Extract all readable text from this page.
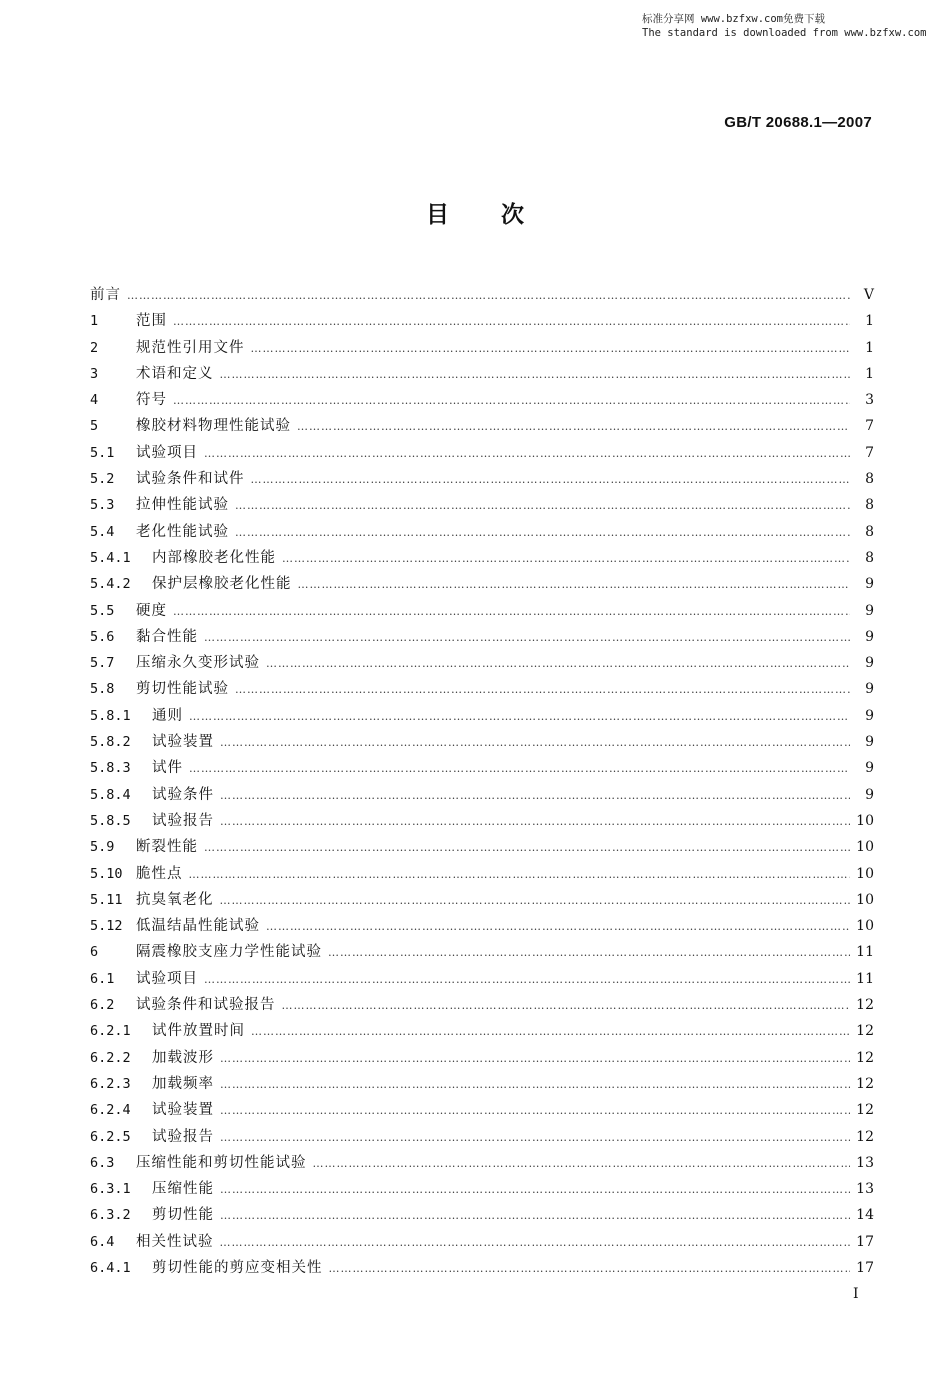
标准分享网 www.bzfxw.com免费下载
The standard is downloaded from www.bzfxw.com
GB/T 20688.1—2007
目次
前言 …………………………………………………………………………………………………………………………………………………………………………………………………………………………………………………	V
1	范围 …………………………………………………………………………………………………………………………………………………………………………………………………………………………………………………	1
2	规范性引用文件 …………………………………………………………………………………………………………………………………………………………………………………………………………………………………………………	1
3	术语和定义 …………………………………………………………………………………………………………………………………………………………………………………………………………………………………………………	1
4	符号 …………………………………………………………………………………………………………………………………………………………………………………………………………………………………………………	3
5	橡胶材料物理性能试验 …………………………………………………………………………………………………………………………………………………………………………………………………………………………………………………	7
5.1	试验项目 …………………………………………………………………………………………………………………………………………………………………………………………………………………………………………………	7
5.2	试验条件和试件 …………………………………………………………………………………………………………………………………………………………………………………………………………………………………………………	8
5.3	拉伸性能试验 …………………………………………………………………………………………………………………………………………………………………………………………………………………………………………………	8
5.4	老化性能试验 …………………………………………………………………………………………………………………………………………………………………………………………………………………………………………………	8
5.4.1	内部橡胶老化性能 …………………………………………………………………………………………………………………………………………………………………………………………………………………………………………………	8
5.4.2	保护层橡胶老化性能 …………………………………………………………………………………………………………………………………………………………………………………………………………………………………………………	9
5.5	硬度 …………………………………………………………………………………………………………………………………………………………………………………………………………………………………………………	9
5.6	黏合性能 …………………………………………………………………………………………………………………………………………………………………………………………………………………………………………………	9
5.7	压缩永久变形试验 …………………………………………………………………………………………………………………………………………………………………………………………………………………………………………………	9
5.8	剪切性能试验 …………………………………………………………………………………………………………………………………………………………………………………………………………………………………………………	9
5.8.1	通则 …………………………………………………………………………………………………………………………………………………………………………………………………………………………………………………	9
5.8.2	试验装置 …………………………………………………………………………………………………………………………………………………………………………………………………………………………………………………	9
5.8.3	试件 …………………………………………………………………………………………………………………………………………………………………………………………………………………………………………………	9
5.8.4	试验条件 …………………………………………………………………………………………………………………………………………………………………………………………………………………………………………………	9
5.8.5	试验报告 …………………………………………………………………………………………………………………………………………………………………………………………………………………………………………………	10
5.9	断裂性能 …………………………………………………………………………………………………………………………………………………………………………………………………………………………………………………	10
5.10 脆性点 …………………………………………………………………………………………………………………………………………………………………………………………………………………………………………………	10
5.11 抗臭氧老化 …………………………………………………………………………………………………………………………………………………………………………………………………………………………………………………	10
5.12 低温结晶性能试验 …………………………………………………………………………………………………………………………………………………………………………………………………………………………………………………	10
6	隔震橡胶支座力学性能试验 …………………………………………………………………………………………………………………………………………………………………………………………………………………………………………………	11
6.1	试验项目 …………………………………………………………………………………………………………………………………………………………………………………………………………………………………………………	11
6.2	试验条件和试验报告 …………………………………………………………………………………………………………………………………………………………………………………………………………………………………………………	12
6.2.1	试件放置时间 …………………………………………………………………………………………………………………………………………………………………………………………………………………………………………………	12
6.2.2	加载波形 …………………………………………………………………………………………………………………………………………………………………………………………………………………………………………………	12
6.2.3	加载频率 …………………………………………………………………………………………………………………………………………………………………………………………………………………………………………………	12
6.2.4	试验装置 …………………………………………………………………………………………………………………………………………………………………………………………………………………………………………………	12
6.2.5	试验报告 …………………………………………………………………………………………………………………………………………………………………………………………………………………………………………………	12
6.3	压缩性能和剪切性能试验 …………………………………………………………………………………………………………………………………………………………………………………………………………………………………………………	13
6.3.1	压缩性能 …………………………………………………………………………………………………………………………………………………………………………………………………………………………………………………	13
6.3.2	剪切性能 …………………………………………………………………………………………………………………………………………………………………………………………………………………………………………………	14
6.4	相关性试验 …………………………………………………………………………………………………………………………………………………………………………………………………………………………………………………	17
6.4.1	剪切性能的剪应变相关性 …………………………………………………………………………………………………………………………………………………………………………………………………………………………………………………	17
I
